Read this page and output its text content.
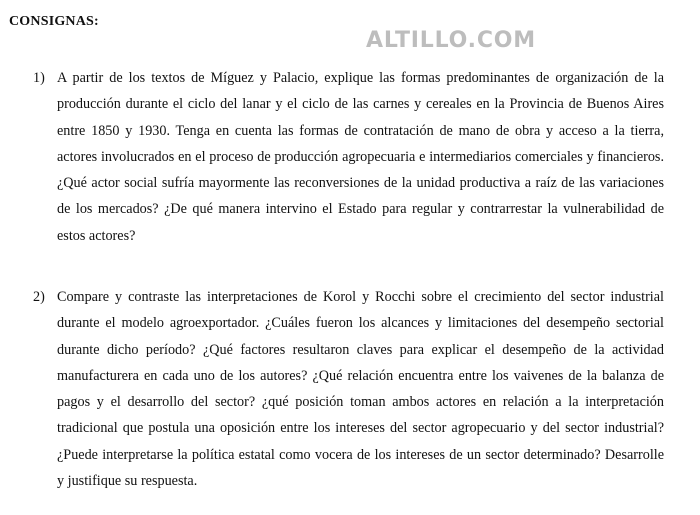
CONSIGNAS:
ALTILLO.COM
1) A partir de los textos de Míguez y Palacio, explique las formas predominantes de organización de la producción durante el ciclo del lanar y el ciclo de las carnes y cereales en la Provincia de Buenos Aires entre 1850 y 1930. Tenga en cuenta las formas de contratación de mano de obra y acceso a la tierra, actores involucrados en el proceso de producción agropecuaria e intermediarios comerciales y financieros. ¿Qué actor social sufría mayormente las reconversiones de la unidad productiva a raíz de las variaciones de los mercados? ¿De qué manera intervino el Estado para regular y contrarrestar la vulnerabilidad de estos actores?
2) Compare y contraste las interpretaciones de Korol y Rocchi sobre el crecimiento del sector industrial durante el modelo agroexportador. ¿Cuáles fueron los alcances y limitaciones del desempeño sectorial durante dicho período? ¿Qué factores resultaron claves para explicar el desempeño de la actividad manufacturera en cada uno de los autores? ¿Qué relación encuentra entre los vaivenes de la balanza de pagos y el desarrollo del sector? ¿qué posición toman ambos actores en relación a la interpretación tradicional que postula una oposición entre los intereses del sector agropecuario y del sector industrial? ¿Puede interpretarse la política estatal como vocera de los intereses de un sector determinado? Desarrolle y justifique su respuesta.
